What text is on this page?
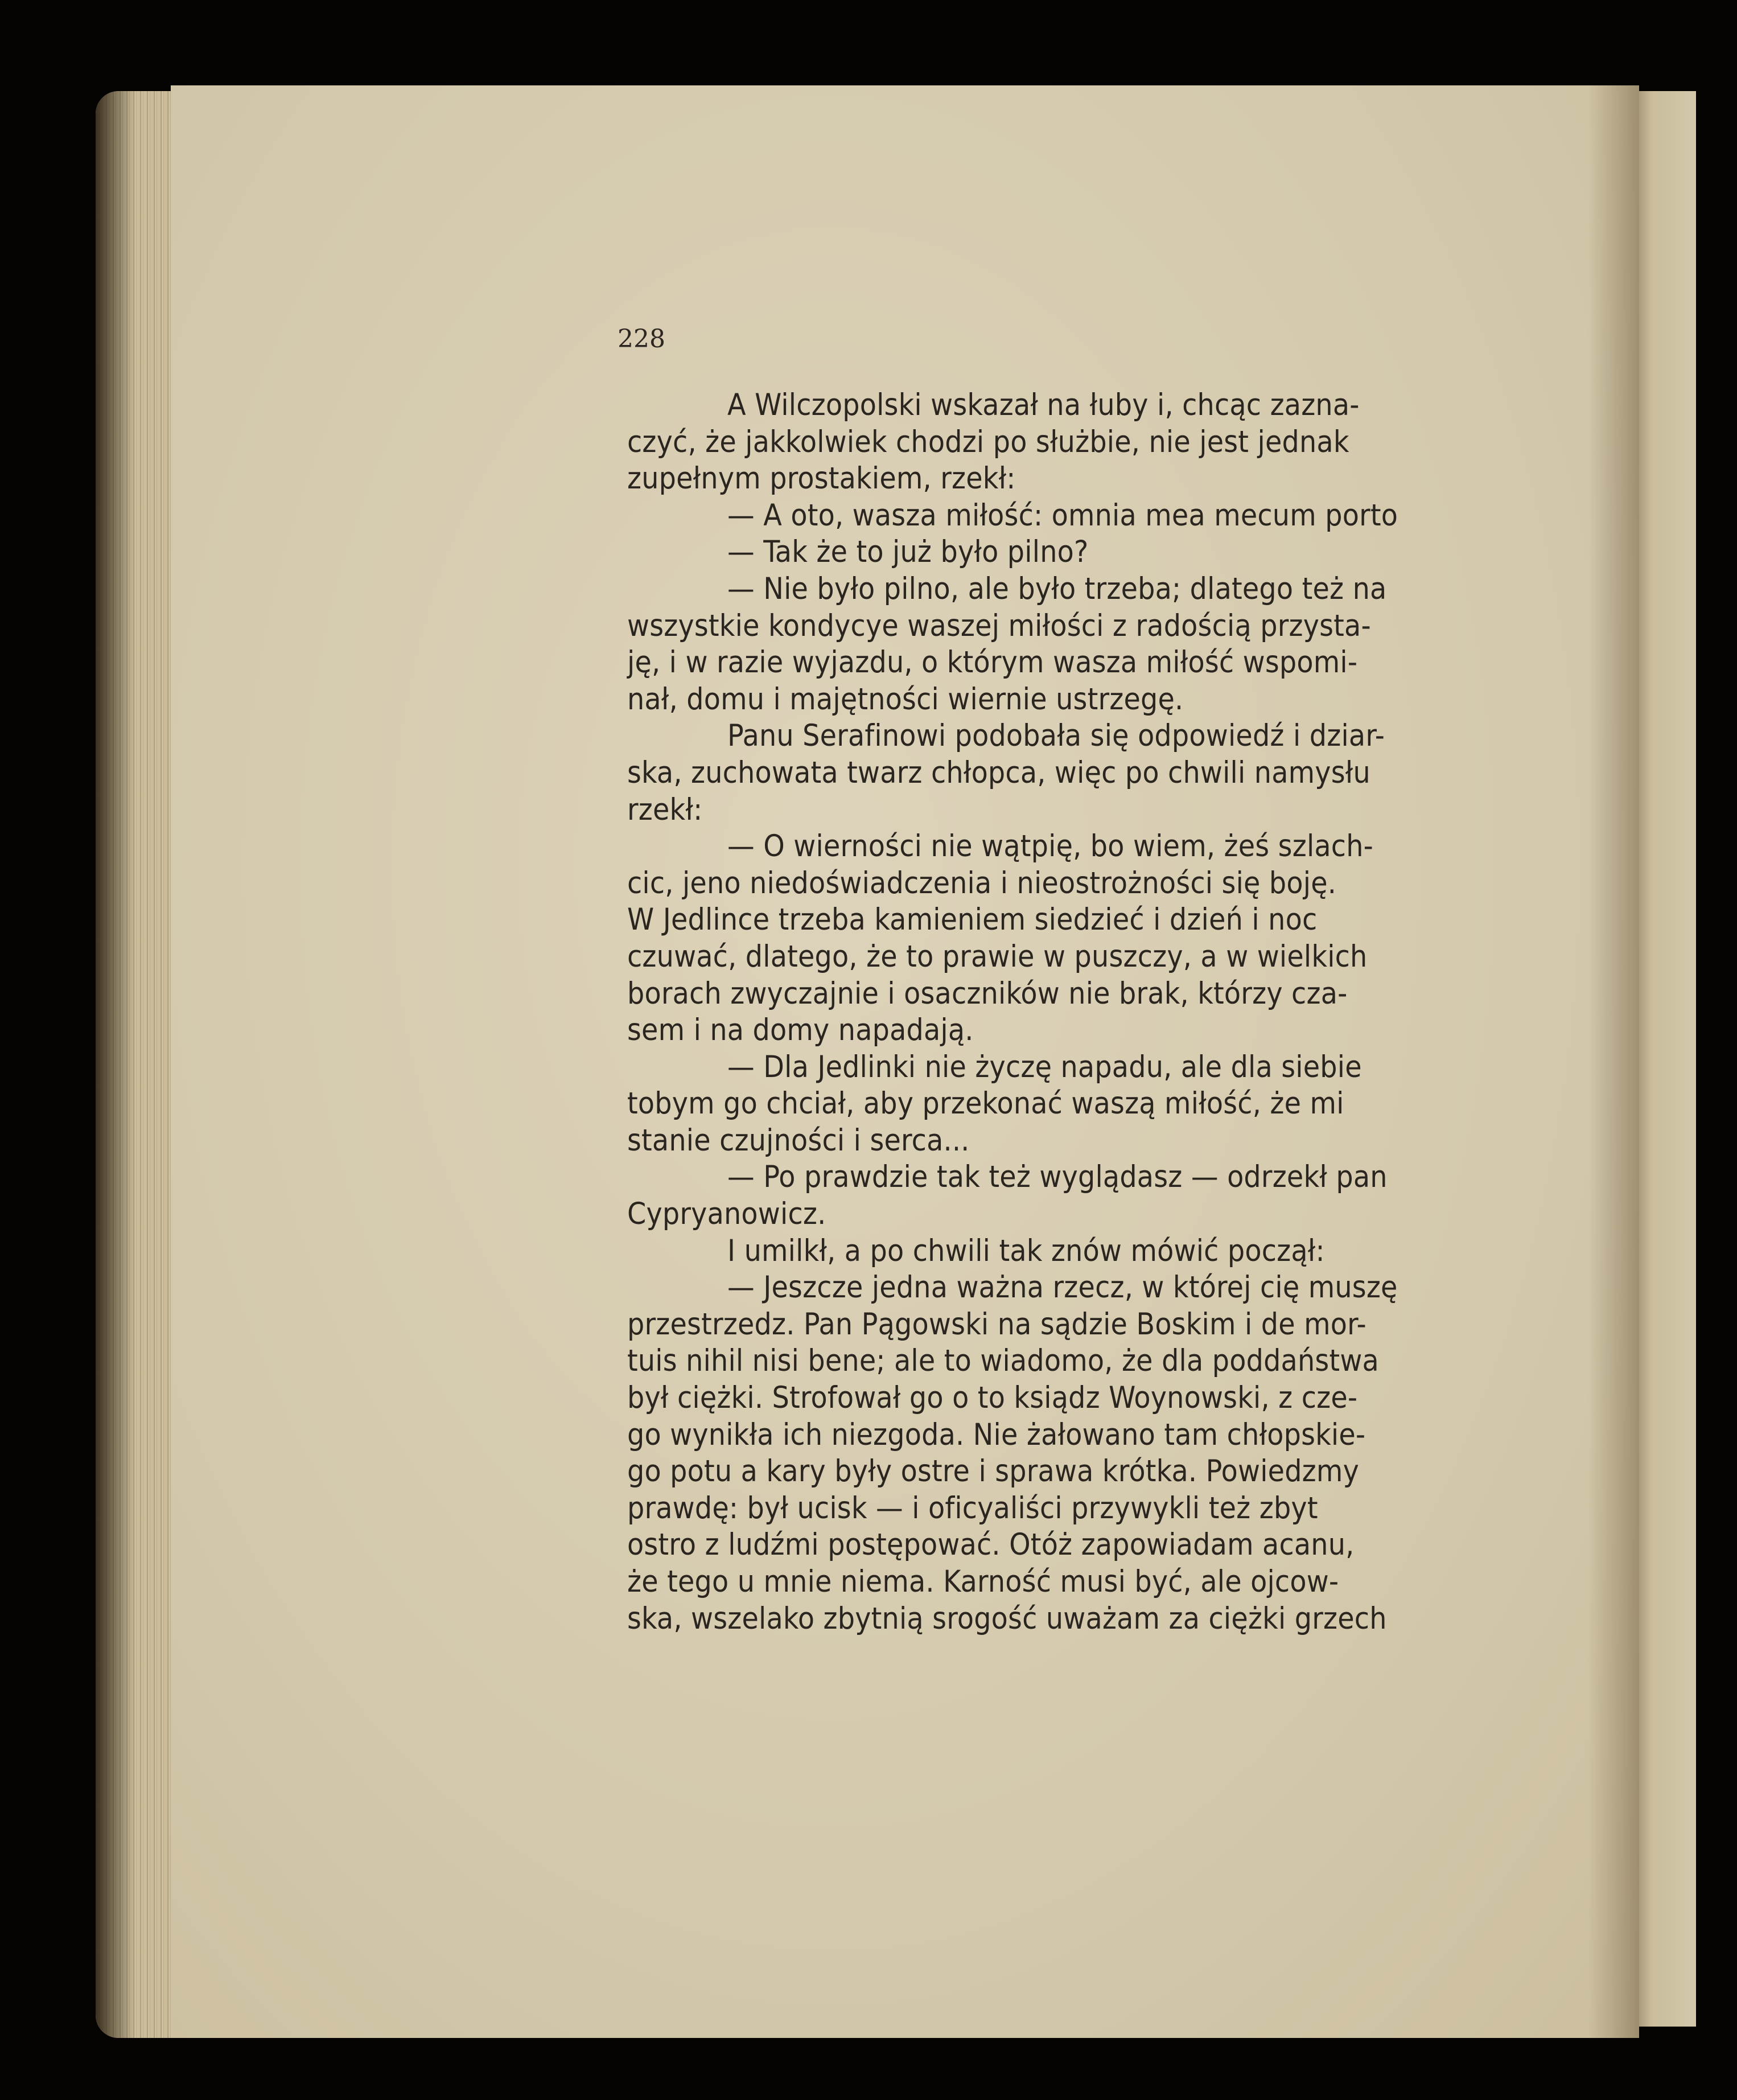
228

A Wilczopolski wskazał na łuby i, chcąc zazna-
czyć, że jakkolwiek chodzi po służbie, nie jest jednak
zupełnym prostakiem, rzekł:

— A oto, wasza miłość: omnia mea mecum porto

— Tak że to już było pilno?

— Nie było pilno, ale było trzeba; dlatego też na
wszystkie kondycye waszej miłości z radością przysta-
ję, i w razie wyjazdu, o którym wasza miłość wspomi-
nał, domu i majętności wiernie ustrzegę.

Panu Serafinowi podobała się odpowiedź i dziar-
ska, zuchowata twarz chłopca, więc po chwili namysłu
rzekł:

— O wierności nie wątpię, bo wiem, żeś szlach-
cic, jeno niedoświadczenia i nieostrożności się boję.
W Jedlince trzeba kamieniem siedzieć i dzień i noc
czuwać, dlatego, że to prawie w puszczy, a w wielkich
borach zwyczajnie i osaczników nie brak, którzy cza-
sem i na domy napadają.

— Dla Jedlinki nie życzę napadu, ale dla siebie
tobym go chciał, aby przekonać waszą miłość, że mi
stanie czujności i serca...

— Po prawdzie tak też wyglądasz — odrzekł pan
Cypryanowicz.

I umilkł, a po chwili tak znów mówić począł:

— Jeszcze jedna ważna rzecz, w której cię muszę
przestrzedz. Pan Pągowski na sądzie Boskim i de mor-
tuis nihil nisi bene; ale to wiadomo, że dla poddaństwa
był ciężki. Strofował go o to ksiądz Woynowski, z cze-
go wynikła ich niezgoda. Nie żałowano tam chłopskie-
go potu a kary były ostre i sprawa krótka. Powiedzmy
prawdę: był ucisk — i oficyaliści przywykli też zbyt
ostro z ludźmi postępować. Otóż zapowiadam acanu,
że tego u mnie niema. Karność musi być, ale ojcow-
ska, wszelako zbytnią srogość uważam za ciężki grzech
